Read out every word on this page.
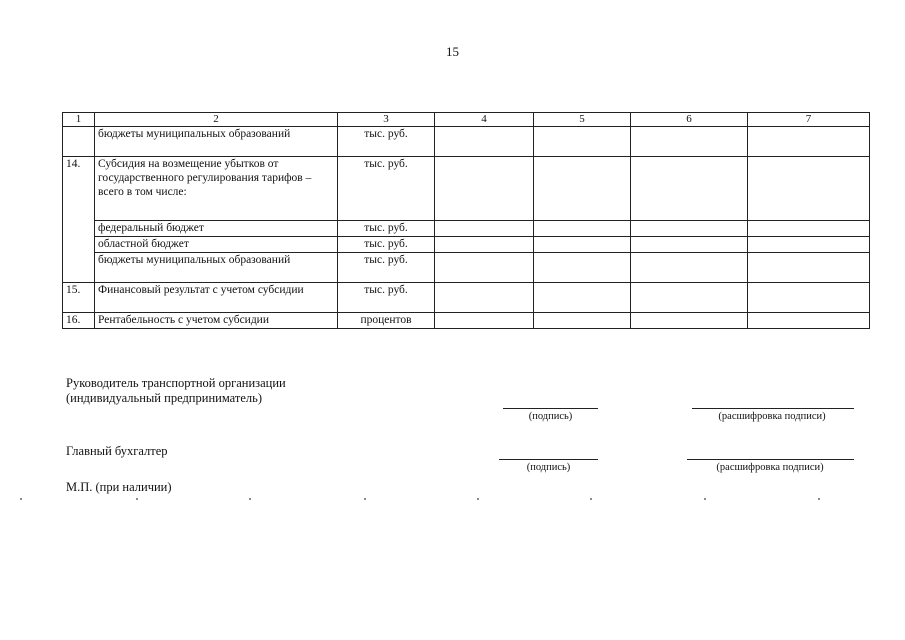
15
1	2	3	4	5	6	7
	бюджеты муниципальных образований	тыс. руб.				
14.	Субсидия на возмещение убытков от государственного регулирования тарифов – всего в том числе:	тыс. руб.				
	федеральный бюджет	тыс. руб.				
	областной бюджет	тыс. руб.				
	бюджеты муниципальных образований	тыс. руб.				
15.	Финансовый результат с учетом субсидии	тыс. руб.				
16.	Рентабельность с учетом субсидии	процентов				
Руководитель транспортной организации
(индивидуальный предприниматель)
(подпись)	(расшифровка подписи)
Главный бухгалтер
(подпись)	(расшифровка подписи)
М.П. (при наличии)
